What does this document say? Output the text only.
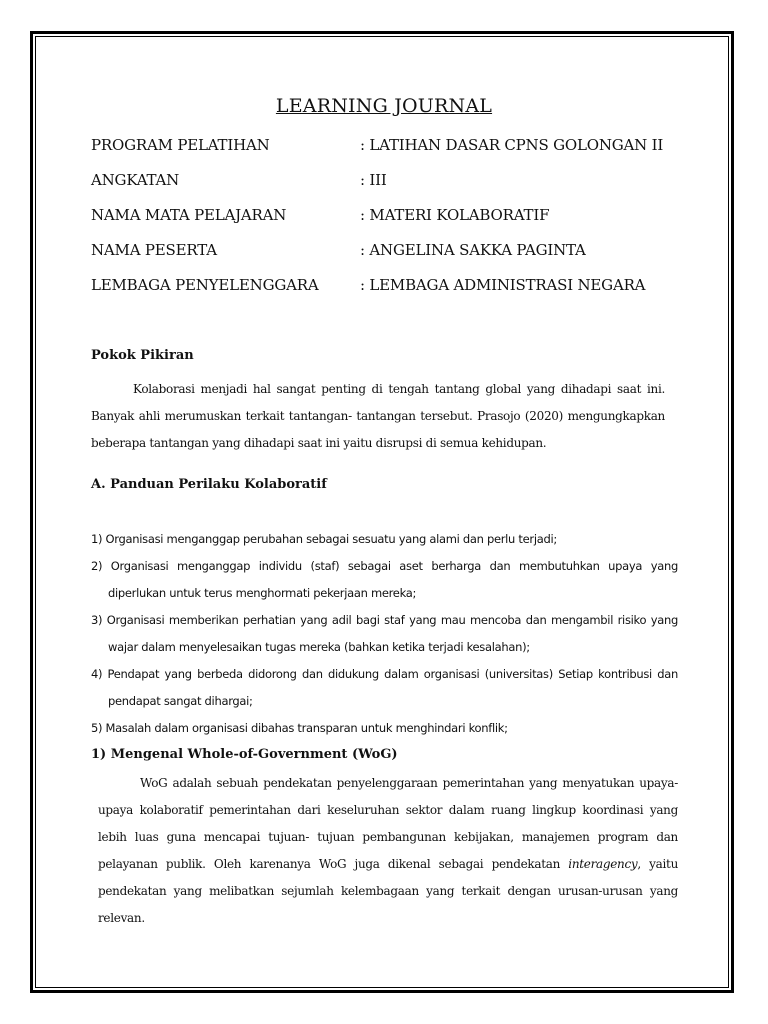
LEARNING JOURNAL
PROGRAM PELATIHAN	: LATIHAN DASAR CPNS GOLONGAN II
ANGKATAN	: III
NAMA MATA PELAJARAN	: MATERI KOLABORATIF
NAMA PESERTA	: ANGELINA SAKKA PAGINTA
LEMBAGA PENYELENGGARA	: LEMBAGA ADMINISTRASI NEGARA
Pokok Pikiran
Kolaborasi menjadi hal sangat penting di tengah tantang global yang dihadapi saat ini. Banyak ahli merumuskan terkait tantangan- tantangan tersebut. Prasojo (2020) mengungkapkan beberapa tantangan yang dihadapi saat ini yaitu disrupsi di semua kehidupan.
A. Panduan Perilaku Kolaboratif
1) Organisasi menganggap perubahan sebagai sesuatu yang alami dan perlu terjadi;
2) Organisasi menganggap individu (staf) sebagai aset berharga dan membutuhkan upaya yang diperlukan untuk terus menghormati pekerjaan mereka;
3) Organisasi memberikan perhatian yang adil bagi staf yang mau mencoba dan mengambil risiko yang wajar dalam menyelesaikan tugas mereka (bahkan ketika terjadi kesalahan);
4) Pendapat yang berbeda didorong dan didukung dalam organisasi (universitas) Setiap kontribusi dan pendapat sangat dihargai;
5) Masalah dalam organisasi dibahas transparan untuk menghindari konflik;
1) Mengenal Whole-of-Government (WoG)
WoG adalah sebuah pendekatan penyelenggaraan pemerintahan yang menyatukan upaya-upaya kolaboratif pemerintahan dari keseluruhan sektor dalam ruang lingkup koordinasi yang lebih luas guna mencapai tujuan- tujuan pembangunan kebijakan, manajemen program dan pelayanan publik. Oleh karenanya WoG juga dikenal sebagai pendekatan interagency, yaitu pendekatan yang melibatkan sejumlah kelembagaan yang terkait dengan urusan-urusan yang relevan.
